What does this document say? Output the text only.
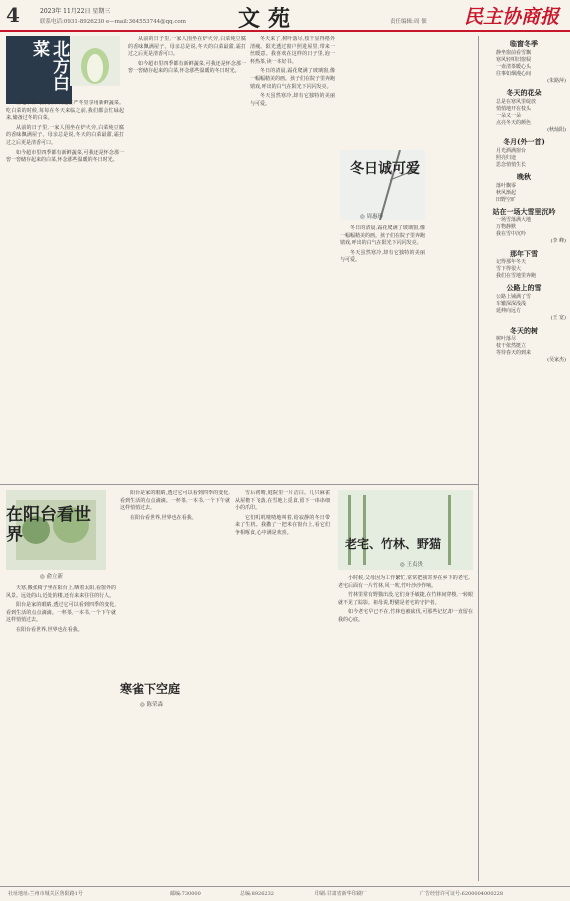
4	2023年 11月22日 星期三
联系电话:0931-8926230 e—mail:364553744@qq.com 文苑	责任编辑:周 佃 民主协商报
北方白菜

当地不种气候寒,如何能在严冬里享用新鲜蔬菜。吃白菜的时候,每每在冬天来临之前,我们都会忙碌起来,储备过冬的白菜。

从前的日子里,一家人围坐在炉火旁,白菜炖豆腐的香味飘满屋子。母亲总是说,冬天的白菜最甜,霜打过之后更是清香可口。

如今超市里四季都有新鲜蔬菜,可我还是怀念那一窖一窖储存起来的白菜,怀念那些温暖的冬日时光。

从前的日子里,一家人围坐在炉火旁,白菜炖豆腐的香味飘满屋子。母亲总是说,冬天的白菜最甜,霜打过之后更是清香可口。

如今超市里四季都有新鲜蔬菜,可我还是怀念那一窖一窖储存起来的白菜,怀念那些温暖的冬日时光。

冬日诚可爱
◎ 周惠珍

冬天来了,树叶落尽,枝干显得格外清瘦。阳光透过窗户照进屋里,带来一丝暖意。我喜欢在这样的日子里,泡一杯热茶,读一本好书。

冬日的清晨,霜花爬满了玻璃窗,像一幅幅精美的画。孩子们在院子里奔跑嬉戏,呼出的白气在阳光下闪闪发亮。

冬天虽然寒冷,却有它独特的美丽与可爱。

冬日的清晨,霜花爬满了玻璃窗,像一幅幅精美的画。孩子们在院子里奔跑嬉戏,呼出的白气在阳光下闪闪发亮。

冬天虽然寒冷,却有它独特的美丽与可爱。

在阳台看世界
◎ 俞立新

天寒,搬张椅子坐在阳台上,晒着太阳,看窗外的风景。远处的山,近处的楼,还有来来往往的行人。

阳台是家的眼睛,透过它可以看到四季的变化,看到生活的点点滴滴。一杯茶,一本书,一个下午就这样悄悄过去。

在阳台看世界,世界也在看我。

阳台是家的眼睛,透过它可以看到四季的变化,看到生活的点点滴滴。一杯茶,一本书,一个下午就这样悄悄过去。

在阳台看世界,世界也在看我。

寒雀下空庭
◎ 陈荣森

雪后初晴,庭院里一片洁白。几只麻雀从屋檐下飞落,在雪地上觅食,留下一串串细小的爪印。

它们叽叽喳喳地叫着,给寂静的冬日带来了生机。我撒了一把米在窗台上,看它们争相啄食,心中满是欢喜。

老宅、竹林、野猫
◎ 王贞贵

小时候,父母因为工作繁忙,常常把我寄养在乡下的老宅。老宅后面有一片竹林,风一吹,竹叶沙沙作响。

竹林里常有野猫出没,它们身手敏捷,在竹林间穿梭,一转眼就不见了踪影。祖母说,野猫是老宅的守护者。

如今老宅早已不在,竹林也被砍伐,可那些记忆却一直留在我的心底。

临窗冬季
静坐窗前看雪飘
寒风轻叩旧窗棂
一壶清茶暖心头
往事如烟漫心间
(朱路萍)
冬天的花朵
总是在寒风里绽放
悄悄地开在枝头
一朵又一朵
点亮冬天的颜色
(秋灿阳)
冬月(外一首)
月光洒满窗台
照亮归途
思念悄悄生长
晚秋
落叶飘零
秋风渐起
田野空旷
站在一场大雪里沉吟
一场雪落满大地
万物静默
我在雪中沉吟
(李 峰)
那年下雪
记得那年冬天
雪下得很大
我们在雪地里奔跑
公路上的雪
公路上铺满了雪
车辙深深浅浅
延伸向远方
(王 宽)
冬天的树
树叶落尽
枝干依然挺立
等待春天的到来
(吴家杰)
社址地址:兰州市城关区鲁阳路1号	邮编:730000	总编:8926232	印刷:甘肃省新华印刷厂	广告经营许可证号:6200004000228
